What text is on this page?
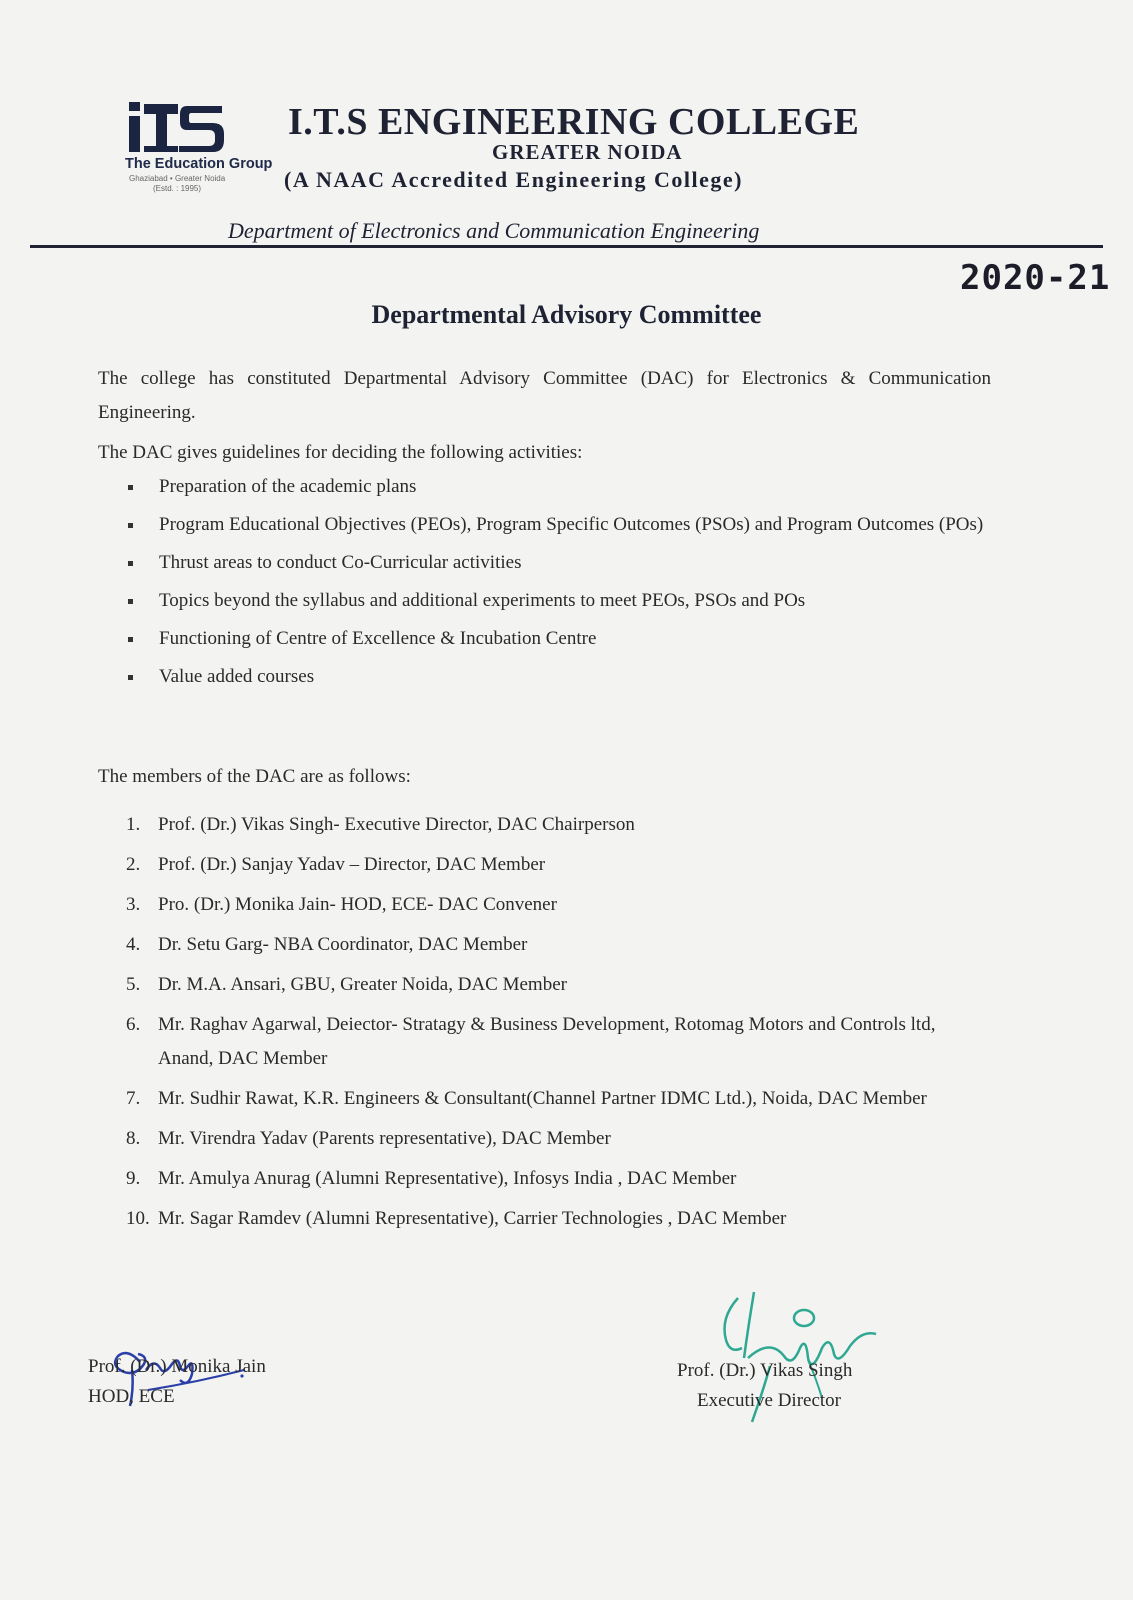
The Education Group
Ghaziabad • Greater Noida
(Estd. : 1995)
I.T.S ENGINEERING COLLEGE
GREATER NOIDA
(A NAAC Accredited Engineering College)
Department of Electronics and Communication Engineering
2020-21
Departmental Advisory Committee
The college has constituted Departmental Advisory Committee (DAC) for Electronics & Communication Engineering.
The DAC gives guidelines for deciding the following activities:
Preparation of the academic plans
Program Educational Objectives (PEOs), Program Specific Outcomes (PSOs) and Program Outcomes (POs)
Thrust areas to conduct Co-Curricular activities
Topics beyond the syllabus and additional experiments to meet PEOs, PSOs and POs
Functioning of Centre of Excellence & Incubation Centre
Value added courses
The members of the DAC are as follows:
1. Prof. (Dr.) Vikas Singh- Executive Director, DAC Chairperson
2. Prof. (Dr.) Sanjay Yadav – Director, DAC Member
3. Pro. (Dr.) Monika Jain- HOD, ECE- DAC Convener
4. Dr. Setu Garg- NBA Coordinator, DAC Member
5. Dr. M.A. Ansari, GBU, Greater Noida, DAC Member
6. Mr. Raghav Agarwal, Deiector- Stratagy & Business Development, Rotomag Motors and Controls ltd, Anand, DAC Member
7. Mr. Sudhir Rawat, K.R. Engineers & Consultant(Channel Partner IDMC Ltd.), Noida, DAC Member
8. Mr. Virendra Yadav (Parents representative), DAC Member
9. Mr. Amulya Anurag (Alumni Representative), Infosys India , DAC Member
10. Mr. Sagar Ramdev (Alumni Representative), Carrier Technologies , DAC Member
Prof. (Dr.) Monika Jain
HOD, ECE
Prof. (Dr.) Vikas Singh
Executive Director
